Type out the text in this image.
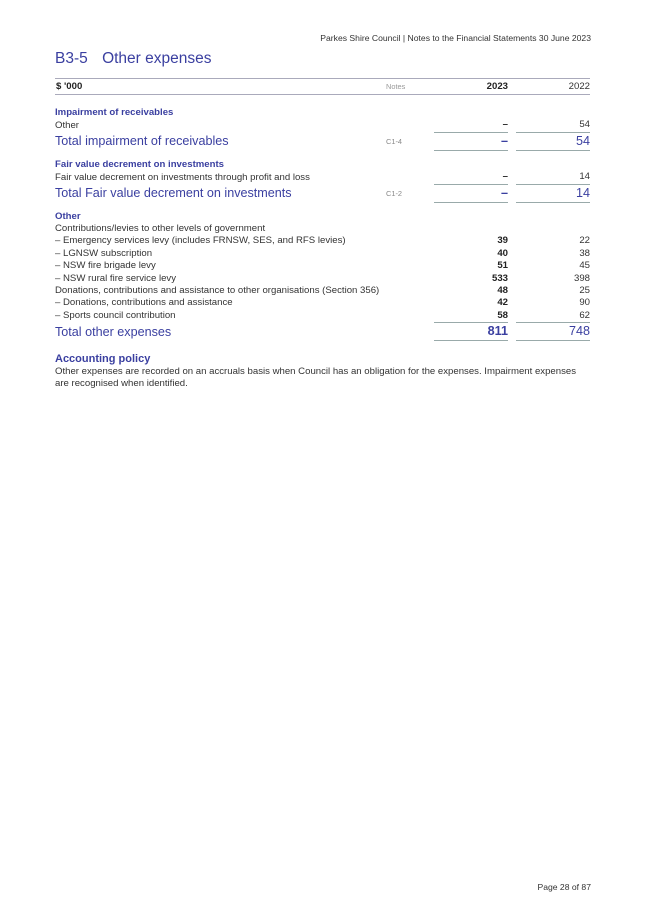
Parkes Shire Council | Notes to the Financial Statements 30 June 2023
B3-5 Other expenses
$ '000	Notes	2023		2022

Impairment of receivables				
Other		–		54
Total impairment of receivables	C1-4	–		54

Fair value decrement on investments				
Fair value decrement on investments through profit and loss		–		14
Total Fair value decrement on investments	C1-2	–		14

Other				
Contributions/levies to other levels of government				
– Emergency services levy (includes FRNSW, SES, and RFS levies)		39		22
– LGNSW subscription		40		38
– NSW fire brigade levy		51		45
– NSW rural fire service levy		533		398
Donations, contributions and assistance to other organisations (Section 356)		48		25
– Donations, contributions and assistance		42		90
– Sports council contribution		58		62
Total other expenses		811		748
Accounting policy
Other expenses are recorded on an accruals basis when Council has an obligation for the expenses. Impairment expenses are recognised when identified.
Page 28 of 87
